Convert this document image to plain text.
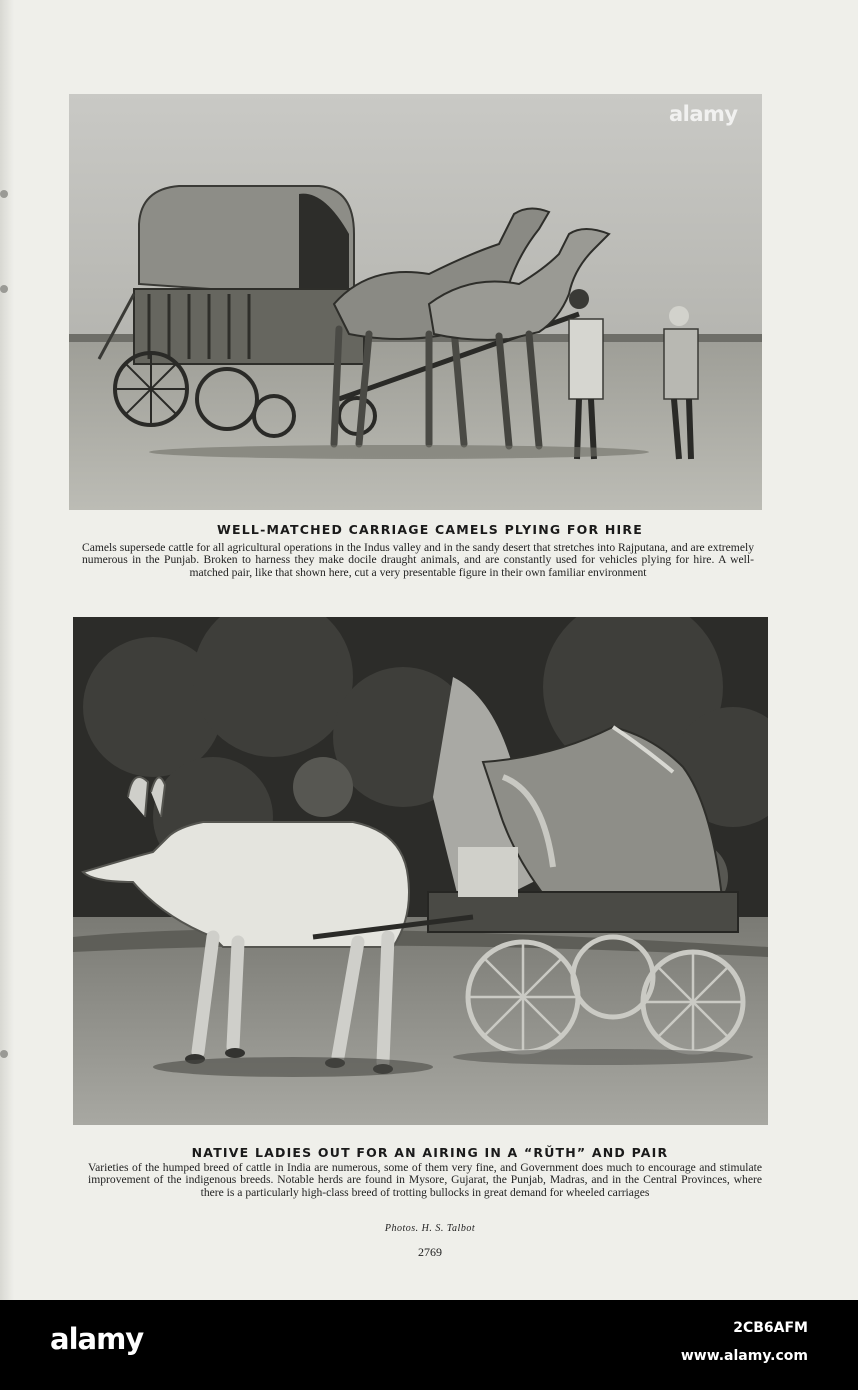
alamy
WELL-MATCHED CARRIAGE CAMELS PLYING FOR HIRE
Camels supersede cattle for all agricultural operations in the Indus valley and in the sandy desert that stretches into Rajputana, and are extremely numerous in the Punjab. Broken to harness they make docile draught animals, and are constantly used for vehicles plying for hire. A well-matched pair, like that shown here, cut a very presentable figure in their own familiar environment
NATIVE LADIES OUT FOR AN AIRING IN A “RŬTH” AND PAIR
Varieties of the humped breed of cattle in India are numerous, some of them very fine, and Government does much to encourage and stimulate improvement of the indigenous breeds. Notable herds are found in Mysore, Gujarat, the Punjab, Madras, and in the Central Provinces, where there is a particularly high-class breed of trotting bullocks in great demand for wheeled carriages
Photos. H. S. Talbot
2769
alamy	2CB6AFM
www.alamy.com
